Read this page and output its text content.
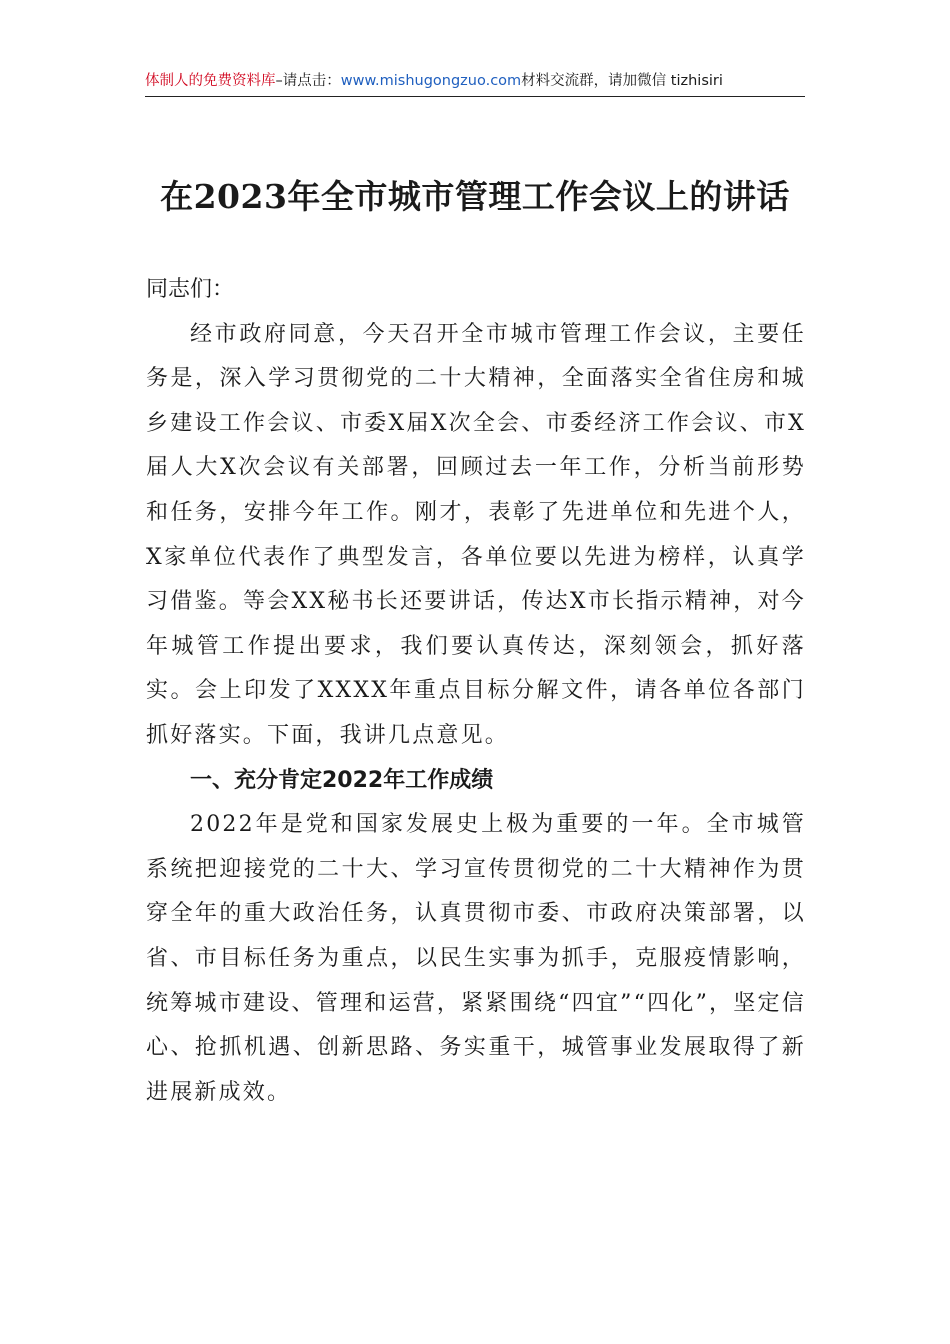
体制人的免费资料库–请点击：www.mishugongzuo.com材料交流群，请加微信 tizhisiri
在2023年全市城市管理工作会议上的讲话

同志们：

经市政府同意，今天召开全市城市管理工作会议，主要任务是，深入学习贯彻党的二十大精神，全面落实全省住房和城乡建设工作会议、市委X届X次全会、市委经济工作会议、市X届人大X次会议有关部署，回顾过去一年工作，分析当前形势和任务，安排今年工作。刚才，表彰了先进单位和先进个人，X家单位代表作了典型发言，各单位要以先进为榜样，认真学习借鉴。等会XX秘书长还要讲话，传达X市长指示精神，对今年城管工作提出要求，我们要认真传达，深刻领会，抓好落实。会上印发了XXXX年重点目标分解文件，请各单位各部门抓好落实。下面，我讲几点意见。

一、充分肯定2022年工作成绩

2022年是党和国家发展史上极为重要的一年。全市城管系统把迎接党的二十大、学习宣传贯彻党的二十大精神作为贯穿全年的重大政治任务，认真贯彻市委、市政府决策部署，以省、市目标任务为重点，以民生实事为抓手，克服疫情影响，统筹城市建设、管理和运营，紧紧围绕“四宜”“四化”，坚定信心、抢抓机遇、创新思路、务实重干，城管事业发展取得了新进展新成效。
